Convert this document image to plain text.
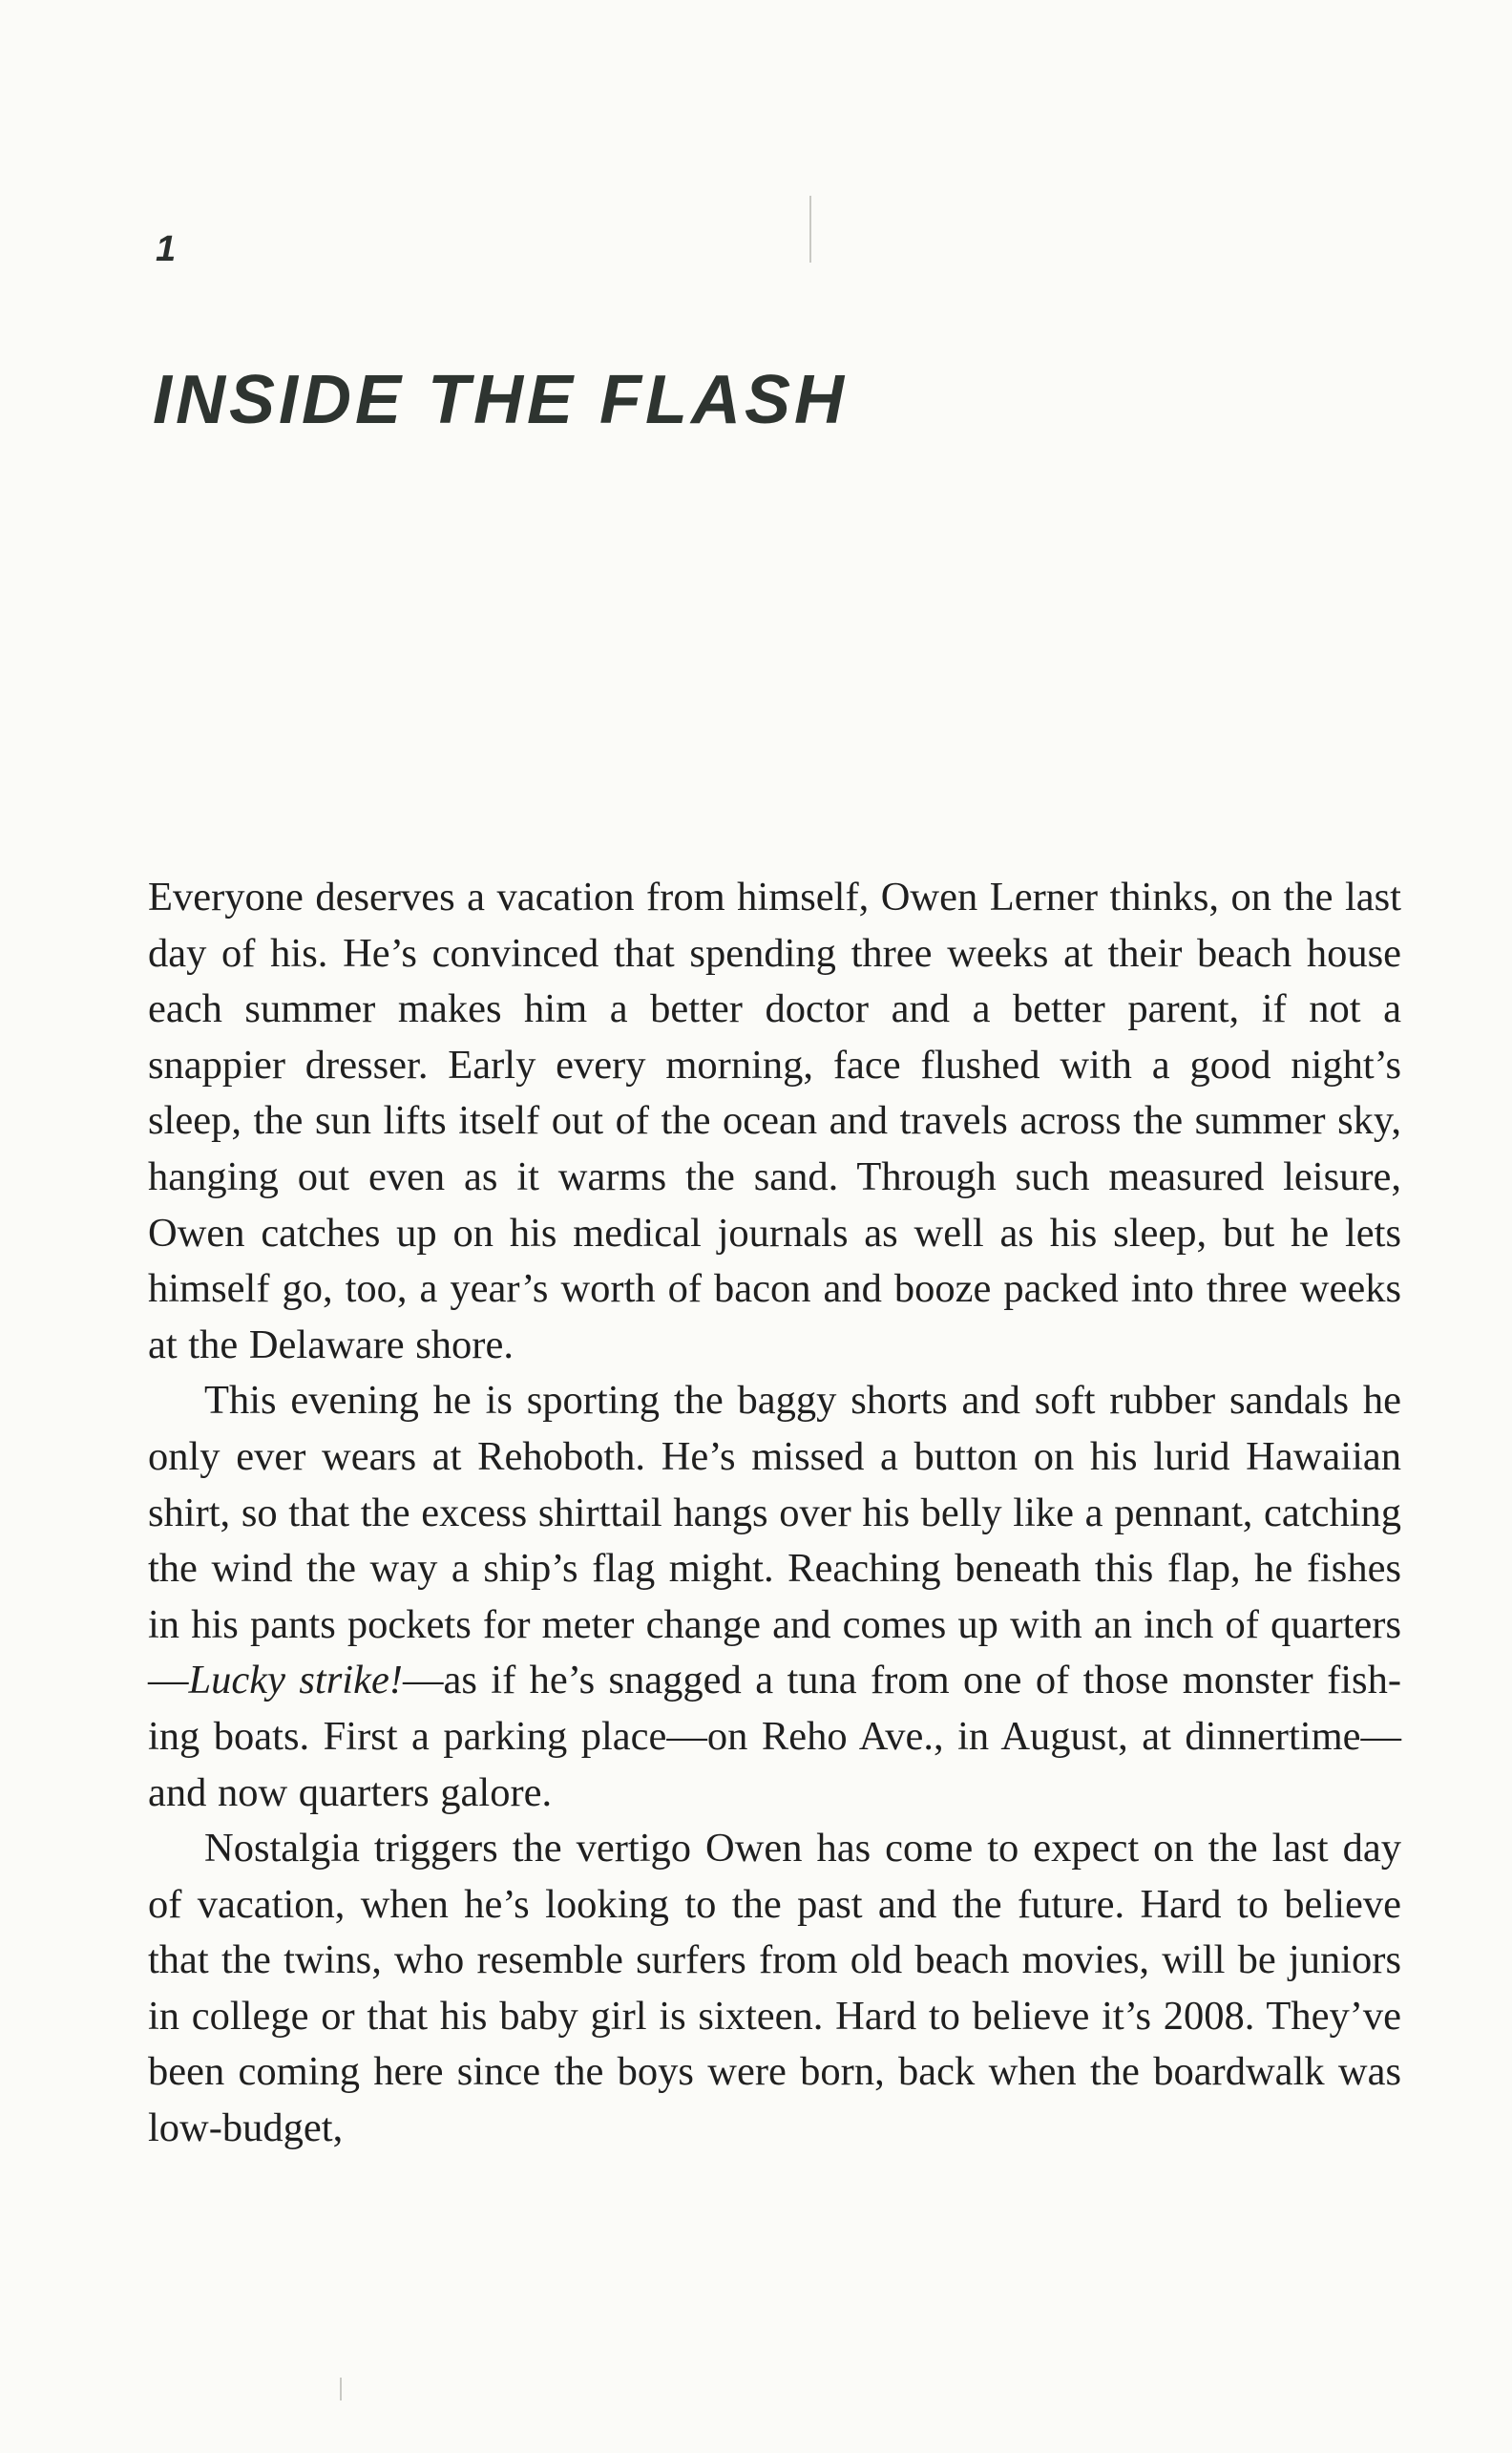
1
INSIDE THE FLASH

Everyone deserves a vacation from himself, Owen Lerner thinks, on the last day of his. He’s convinced that spending three weeks at their beach house each summer makes him a better doctor and a better parent, if not a snappier dresser. Early every morning, face flushed with a good night’s sleep, the sun lifts itself out of the ocean and travels across the summer sky, hanging out even as it warms the sand. Through such measured leisure, Owen catches up on his medical journals as well as his sleep, but he lets himself go, too, a year’s worth of bacon and booze packed into three weeks at the Delaware shore.

This evening he is sporting the baggy shorts and soft rubber sandals he only ever wears at Rehoboth. He’s missed a button on his lurid Hawaiian shirt, so that the excess shirttail hangs over his belly like a pennant, catching the wind the way a ship’s flag might. Reaching beneath this flap, he fishes in his pants pockets for meter change and comes up with an inch of quarters—Lucky strike!—as if he’s snagged a tuna from one of those monster fishing boats. First a parking place—on Reho Ave., in August, at dinnertime—and now quarters galore.

Nostalgia triggers the vertigo Owen has come to expect on the last day of vacation, when he’s looking to the past and the future. Hard to believe that the twins, who resemble surfers from old beach movies, will be juniors in college or that his baby girl is sixteen. Hard to believe it’s 2008. They’ve been coming here since the boys were born, back when the boardwalk was low-budget,
